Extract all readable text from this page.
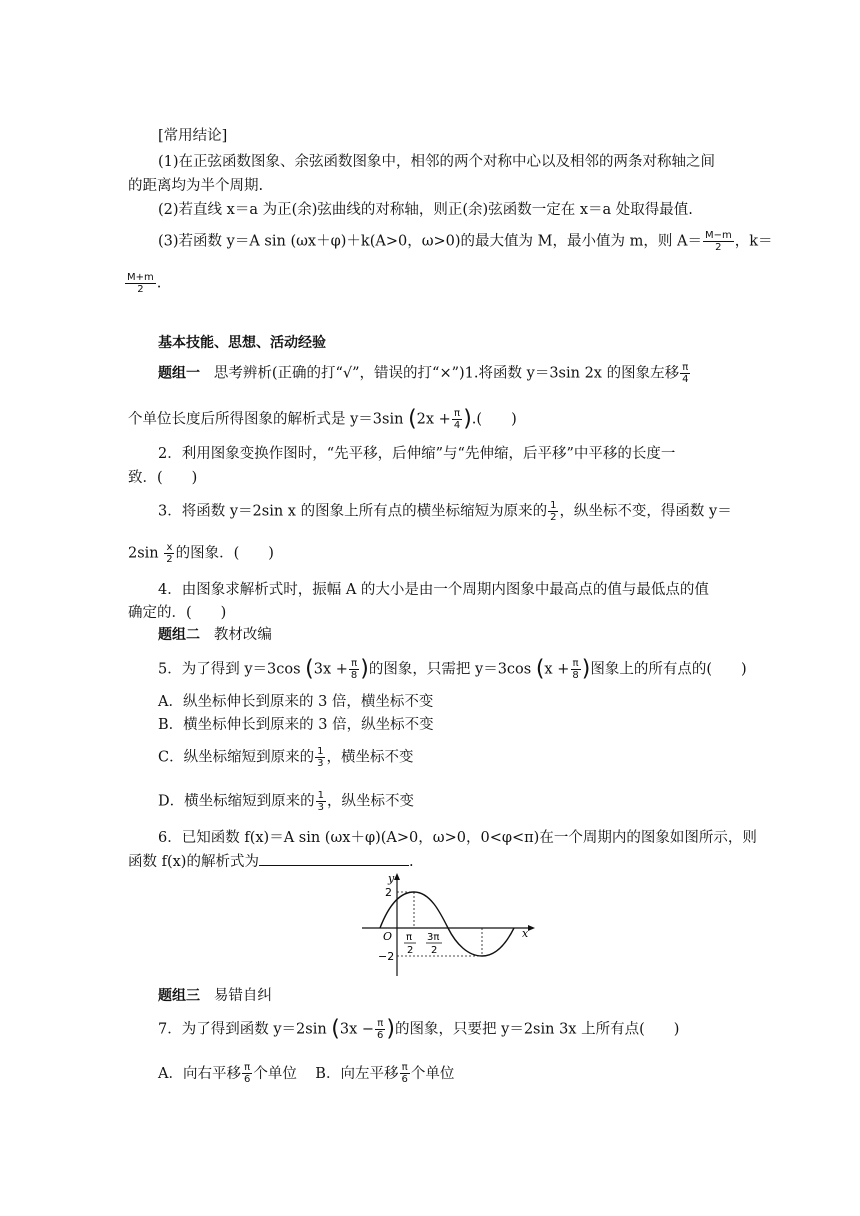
[常用结论]
(1)在正弦函数图象、余弦函数图象中，相邻的两个对称中心以及相邻的两条对称轴之间
的距离均为半个周期.
(2)若直线 x＝a 为正(余)弦曲线的对称轴，则正(余)弦函数一定在 x＝a 处取得最值.
(3)若函数 y＝A sin (ωx＋φ)＋k(A>0，ω>0)的最大值为 M，最小值为 m，则 $A= \frac{M-m}{2}$ ，k＝
$\frac{M+m}{2}$ .
基本技能、思想、活动经验
题组一 思考辨析(正确的打“√”，错误的打“×”)1.将函数 y＝3sin 2x 的图象左移 $\frac{\pi}{4}$
个单位长度后所得图象的解析式是 y＝3sin ($2x + \frac{\pi}{4}$ ).(　　)
2．利用图象变换作图时，“先平移，后伸缩”与“先伸缩，后平移”中平移的长度一
致．(　　)
3．将函数 y＝2sin x 的图象上所有点的横坐标缩短为原来的 $\frac{1}{2}$ ，纵坐标不变，得函数 y＝
$2\sin \frac{x}{2}$ 的图象．(　　)
4．由图象求解析式时，振幅 A 的大小是由一个周期内图象中最高点的值与最低点的值
确定的．(　　)
题组二 教材改编
5．为了得到 y＝3cos ($3x + \frac{\pi}{8}$ )的图象，只需把 y＝3cos ($x + \frac{\pi}{8}$ )图象上的所有点的(　　)
A．纵坐标伸长到原来的 3 倍，横坐标不变
B．横坐标伸长到原来的 3 倍，纵坐标不变
C．纵坐标缩短到原来的 $\frac{1}{3}$ ，横坐标不变
D．横坐标缩短到原来的 $\frac{1}{3}$ ，纵坐标不变
6．已知函数 f(x)＝A sin (ωx＋φ)(A>0，ω>0，0<φ<π)在一个周期内的图象如图所示，则
函数 f(x)的解析式为	.
x
y
O
2
−2
π
2
3π
2
题组三 易错自纠
7．为了得到函数 y＝2sin ($3x - \frac{\pi}{6}$ )的图象，只要把 y＝2sin 3x 上所有点(　　)
A．向右平移 $\frac{\pi}{6}$ 个单位 B．向左平移 $\frac{\pi}{6}$ 个单位
